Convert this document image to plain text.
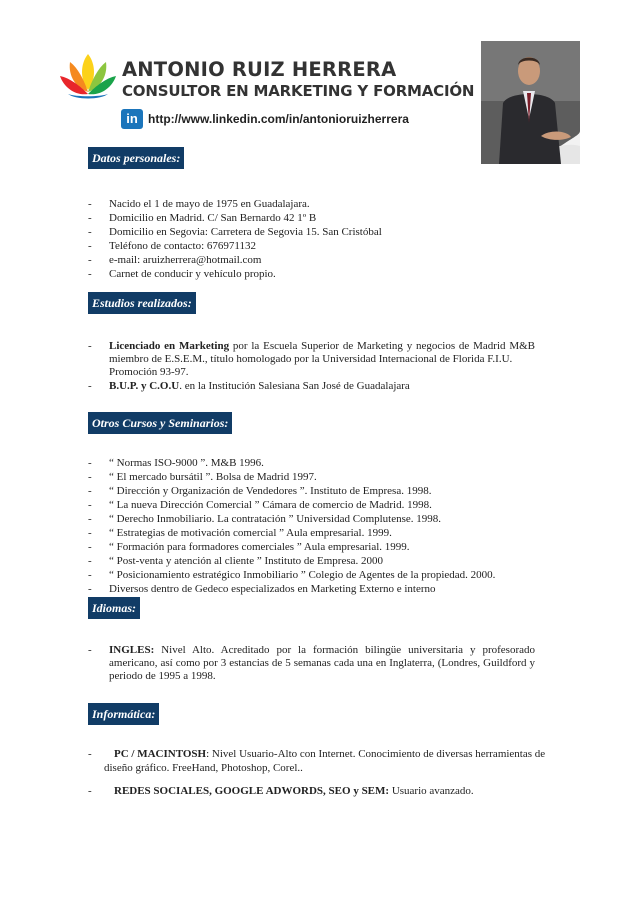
ANTONIO RUIZ HERRERA
CONSULTOR EN MARKETING Y FORMACIÓN
in http://www.linkedin.com/in/antonioruizherrera
Datos personales:
- Nacido el 1 de mayo de 1975 en Guadalajara.
- Domicilio en Madrid. C/ San Bernardo 42 1º B
- Domicilio en Segovia: Carretera de Segovia 15. San Cristóbal
- Teléfono de contacto: 676971132
- e-mail: aruizherrera@hotmail.com
- Carnet de conducir y vehículo propio.
Estudios realizados:
- Licenciado en Marketing por la Escuela Superior de Marketing y negocios de Madrid M&B miembro de E.S.E.M., título homologado por la Universidad Internacional de Florida F.I.U.
Promoción 93-97.
- B.U.P. y C.O.U. en la Institución Salesiana San José de Guadalajara
Otros Cursos y Seminarios:
- “ Normas ISO-9000 ”. M&B 1996.
- “ El mercado bursátil ”. Bolsa de Madrid 1997.
- “ Dirección y Organización de Vendedores ”. Instituto de Empresa. 1998.
- “ La nueva Dirección Comercial ” Cámara de comercio de Madrid. 1998.
- “ Derecho Inmobiliario. La contratación ” Universidad Complutense. 1998.
- “ Estrategias de motivación comercial ” Aula empresarial. 1999.
- “ Formación para formadores comerciales ” Aula empresarial. 1999.
- “ Post-venta y atención al cliente ” Instituto de Empresa. 2000
- “ Posicionamiento estratégico Inmobiliario ” Colegio de Agentes de la propiedad. 2000.
- Diversos dentro de Gedeco especializados en Marketing Externo e interno
Idiomas:
- INGLES: Nivel Alto. Acreditado por la formación bilingüe universitaria y profesorado americano, así como por 3 estancias de 5 semanas cada una en Inglaterra, (Londres, Guildford y
periodo de 1995 a 1998.
Informática:
- PC / MACINTOSH: Nivel Usuario-Alto con Internet. Conocimiento de diversas herramientas de
diseño gráfico. FreeHand, Photoshop, Corel..
- REDES SOCIALES, GOOGLE ADWORDS, SEO y SEM: Usuario avanzado.
